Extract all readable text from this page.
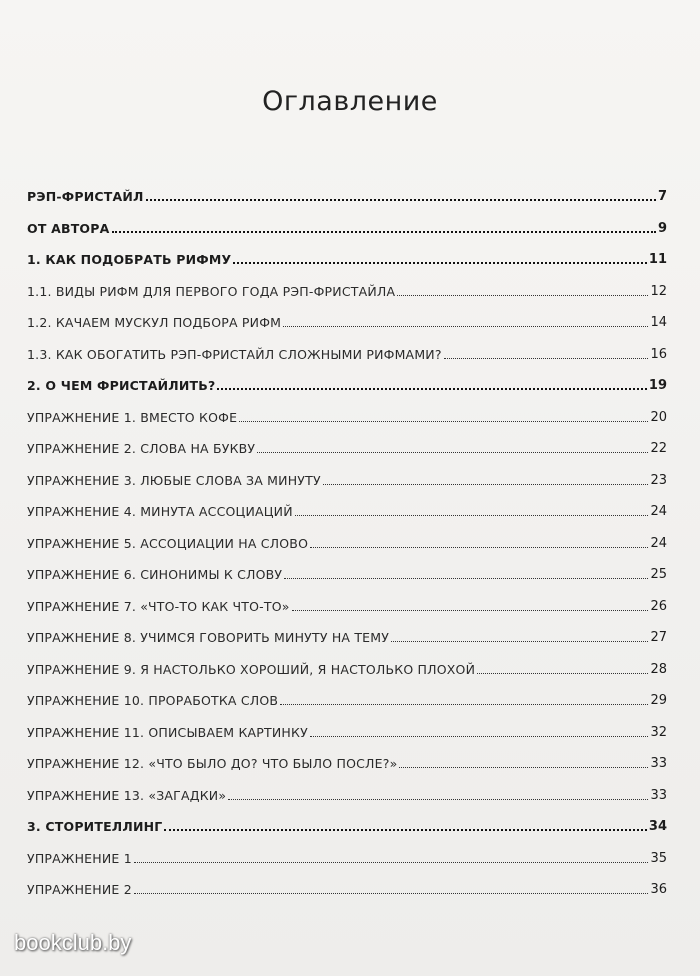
Оглавление
РЭП-ФРИСТАЙЛ	7
ОТ АВТОРА	9
1. КАК ПОДОБРАТЬ РИФМУ	11
1.1. ВИДЫ РИФМ ДЛЯ ПЕРВОГО ГОДА РЭП-ФРИСТАЙЛА	12
1.2. КАЧАЕМ МУСКУЛ ПОДБОРА РИФМ	14
1.3. КАК ОБОГАТИТЬ РЭП-ФРИСТАЙЛ СЛОЖНЫМИ РИФМАМИ?	16
2. О ЧЕМ ФРИСТАЙЛИТЬ?	19
УПРАЖНЕНИЕ 1. ВМЕСТО КОФЕ	20
УПРАЖНЕНИЕ 2. СЛОВА НА БУКВУ	22
УПРАЖНЕНИЕ 3. ЛЮБЫЕ СЛОВА ЗА МИНУТУ	23
УПРАЖНЕНИЕ 4. МИНУТА АССОЦИАЦИЙ	24
УПРАЖНЕНИЕ 5. АССОЦИАЦИИ НА СЛОВО	24
УПРАЖНЕНИЕ 6. СИНОНИМЫ К СЛОВУ	25
УПРАЖНЕНИЕ 7. «ЧТО-ТО КАК ЧТО-ТО»	26
УПРАЖНЕНИЕ 8. УЧИМСЯ ГОВОРИТЬ МИНУТУ НА ТЕМУ	27
УПРАЖНЕНИЕ 9. Я НАСТОЛЬКО ХОРОШИЙ, Я НАСТОЛЬКО ПЛОХОЙ	28
УПРАЖНЕНИЕ 10. ПРОРАБОТКА СЛОВ	29
УПРАЖНЕНИЕ 11. ОПИСЫВАЕМ КАРТИНКУ	32
УПРАЖНЕНИЕ 12. «ЧТО БЫЛО ДО? ЧТО БЫЛО ПОСЛЕ?»	33
УПРАЖНЕНИЕ 13. «ЗАГАДКИ»	33
3. СТОРИТЕЛЛИНГ	34
УПРАЖНЕНИЕ 1	35
УПРАЖНЕНИЕ 2	36
bookclub.by
